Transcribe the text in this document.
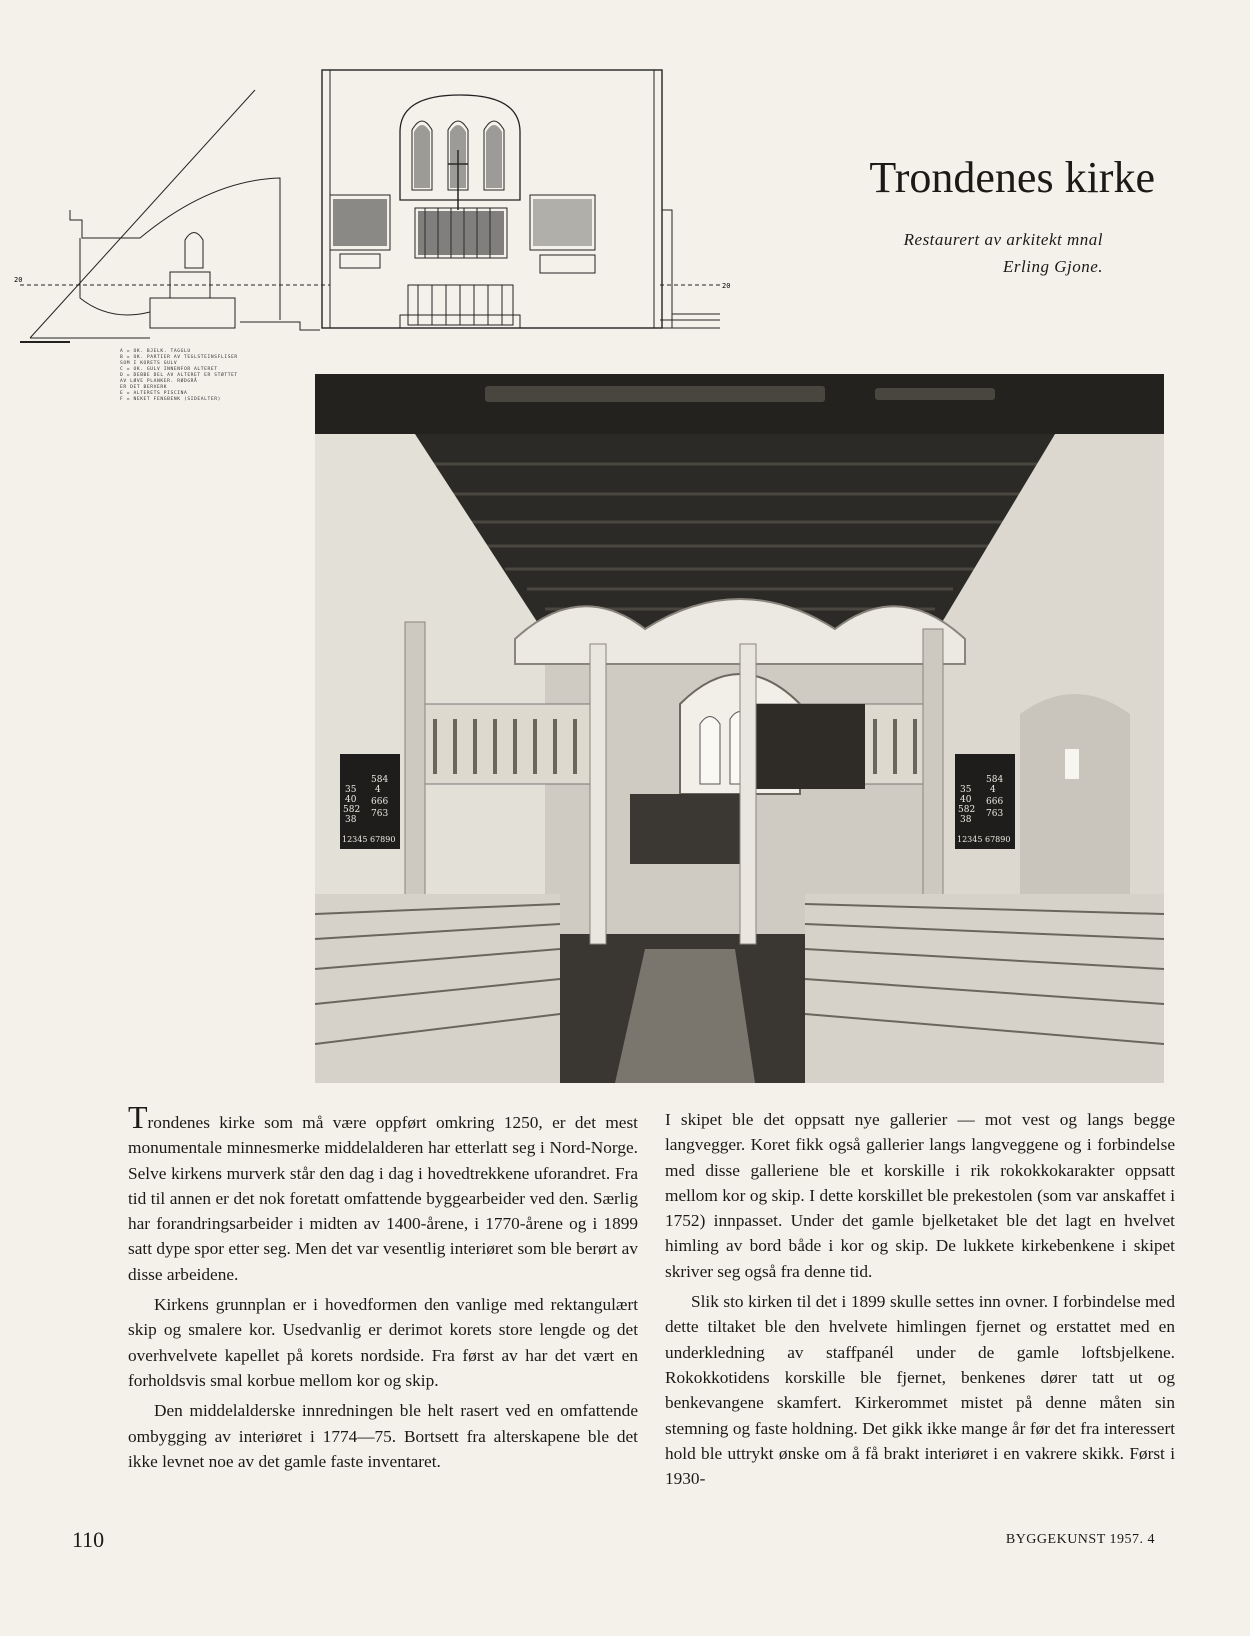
20
20
A = OK. BJELK. TAGGLU
B = OK. PARTIER AV TEGLSTEINSFLISER
SOM I KORETS GULV
C = OK. GULV INNENFOR ALTERET
D = DEBBE DEL AV ALTERET ER STØTTET
AV LØVE PLANKER. RØDGRÅ
ER DET BERVERK
E = ALTERETS PISCINA
F = NEKET FENGBENK (SIDEALTER)
Trondenes kirke
Restaurert av arkitekt mnal
Erling Gjone.
35
584
40
4
582
666
38
763
12345 67890
35
584
40
4
582
666
38
763
12345 67890

Trondenes kirke som må være oppført omkring 1250, er det mest monumentale minnesmerke middelalderen har etterlatt seg i Nord-Norge. Selve kirkens murverk står den dag i dag i hovedtrekkene uforandret. Fra tid til annen er det nok foretatt omfattende byggearbeider ved den. Særlig har forandringsarbeider i midten av 1400-årene, i 1770-årene og i 1899 satt dype spor etter seg. Men det var vesentlig interiøret som ble berørt av disse arbeidene.

Kirkens grunnplan er i hovedformen den vanlige med rektangulært skip og smalere kor. Usedvanlig er derimot korets store lengde og det overhvelvete kapellet på korets nordside. Fra først av har det vært en forholdsvis smal korbue mellom kor og skip.

Den middelalderske innredningen ble helt rasert ved en omfattende ombygging av interiøret i 1774—75. Bortsett fra alterskapene ble det ikke levnet noe av det gamle faste inventaret.

I skipet ble det oppsatt nye gallerier — mot vest og langs begge langvegger. Koret fikk også gallerier langs langveggene og i forbindelse med disse galleriene ble et korskille i rik rokokkokarakter oppsatt mellom kor og skip. I dette korskillet ble prekestolen (som var anskaffet i 1752) innpasset. Under det gamle bjelketaket ble det lagt en hvelvet himling av bord både i kor og skip. De lukkete kirkebenkene i skipet skriver seg også fra denne tid.

Slik sto kirken til det i 1899 skulle settes inn ovner. I forbindelse med dette tiltaket ble den hvelvete himlingen fjernet og erstattet med en underkledning av staffpanél under de gamle loftsbjelkene. Rokokkotidens korskille ble fjernet, benkenes dører tatt ut og benkevangene skamfert. Kirkerommet mistet på denne måten sin stemning og faste holdning. Det gikk ikke mange år før det fra interessert hold ble uttrykt ønske om å få brakt interiøret i en vakrere skikk. Først i 1930-

110	BYGGEKUNST 1957. 4
